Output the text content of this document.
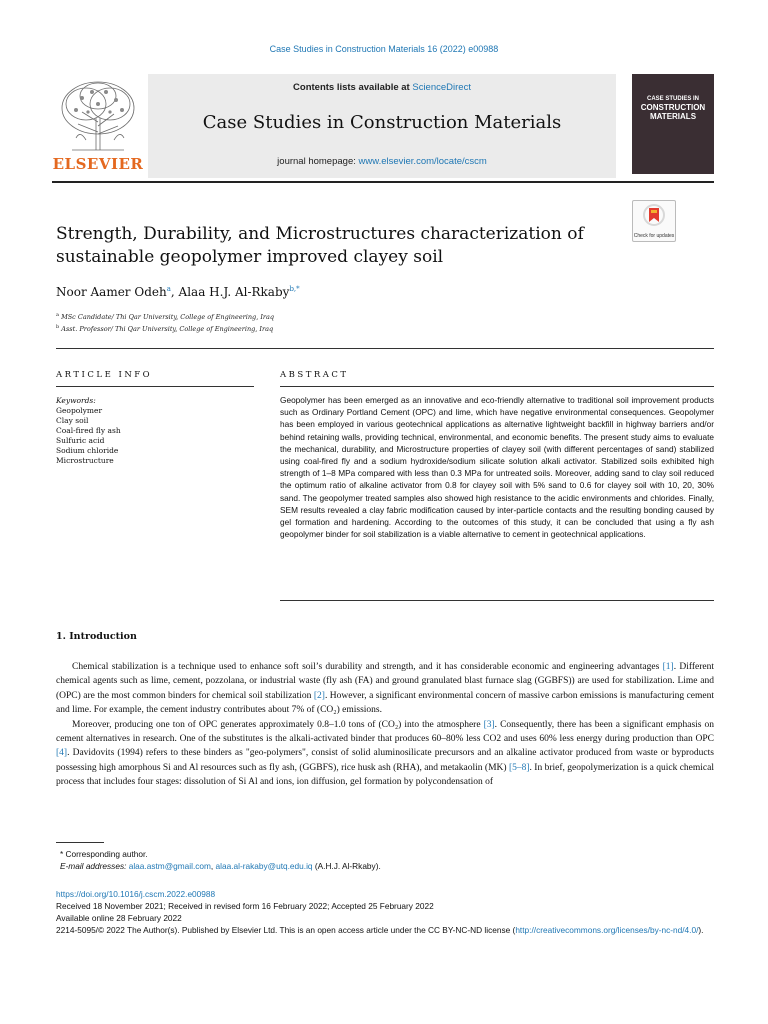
Case Studies in Construction Materials 16 (2022) e00988
Contents lists available at ScienceDirect
Case Studies in Construction Materials
journal homepage: www.elsevier.com/locate/cscm
ELSEVIER
CASE STUDIES IN
CONSTRUCTION MATERIALS
Check for updates
Strength, Durability, and Microstructures characterization of sustainable geopolymer improved clayey soil
Noor Aamer Odeh$^a$, Alaa H.J. Al-Rkaby$^{b,*}$
$^a$ MSc Candidate/ Thi Qar University, College of Engineering, Iraq
$^b$ Asst. Professor/ Thi Qar University, College of Engineering, Iraq
ARTICLE INFO
Keywords:
Geopolymer
Clay soil
Coal-fired fly ash
Sulfuric acid
Sodium chloride
Microstructure
ABSTRACT
Geopolymer has been emerged as an innovative and eco-friendly alternative to traditional soil improvement products such as Ordinary Portland Cement (OPC) and lime, which have negative environmental consequences. Geopolymer has been employed in various geotechnical applications as alternative lightweight backfill in highway barriers and/or behind retaining walls, providing technical, environmental, and economic benefits. The present study aims to evaluate the mechanical, durability, and Microstructure properties of clayey soil (with different percentages of sand) stabilized using coal-fired fly and a sodium hydroxide/sodium silicate solution alkali activator. Stabilized soils exhibited high strength of 1–8 MPa compared with less than 0.3 MPa for untreated soils. Moreover, adding sand to clay soil reduced the optimum ratio of alkaline activator from 0.8 for clayey soil with 5% sand to 0.6 for clayey soil with 10, 20, 30% sand. The geopolymer treated samples also showed high resistance to the acidic environments and chlorides. Finally, SEM results revealed a clay fabric modification caused by inter-particle contacts and the resulting bonding caused by gel formation and hardening. According to the outcomes of this study, it can be concluded that using a fly ash geopolymer binder for soil stabilization is a viable alternative to cement in geotechnical applications.
1. Introduction

Chemical stabilization is a technique used to enhance soft soil’s durability and strength, and it has considerable economic and engineering advantages [1]. Different chemical agents such as lime, cement, pozzolana, or industrial waste (fly ash (FA) and ground granulated blast furnace slag (GGBFS)) are used for stabilization. Lime and (OPC) are the most common binders for chemical soil stabilization [2]. However, a significant environmental concern of massive carbon emissions is manufacturing cement and lime. For example, the cement industry contributes about 7% of (CO₂) emissions.

Moreover, producing one ton of OPC generates approximately 0.8–1.0 tons of (CO₂) into the atmosphere [3]. Consequently, there has been a significant emphasis on cement alternatives in research. One of the substitutes is the alkali-activated binder that produces 60–80% less CO2 and uses 60% less energy during production than OPC [4]. Davidovits (1994) refers to these binders as "geo-polymers", consist of solid aluminosilicate precursors and an alkaline activator produced from waste or byproducts possessing high amorphous Si and Al resources such as fly ash, (GGBFS), rice husk ash (RHA), and metakaolin (MK) [5–8]. In brief, geopolymerization is a quick chemical process that includes four stages: dissolution of Si Al and ions, ion diffusion, gel formation by polycondensation of

* Corresponding author.
E-mail addresses: alaa.astm@gmail.com, alaa.al-rakaby@utq.edu.iq (A.H.J. Al-Rkaby).
https://doi.org/10.1016/j.cscm.2022.e00988
Received 18 November 2021; Received in revised form 16 February 2022; Accepted 25 February 2022
Available online 28 February 2022
2214-5095/© 2022 The Author(s). Published by Elsevier Ltd. This is an open access article under the CC BY-NC-ND license (http://creativecommons.org/licenses/by-nc-nd/4.0/).
